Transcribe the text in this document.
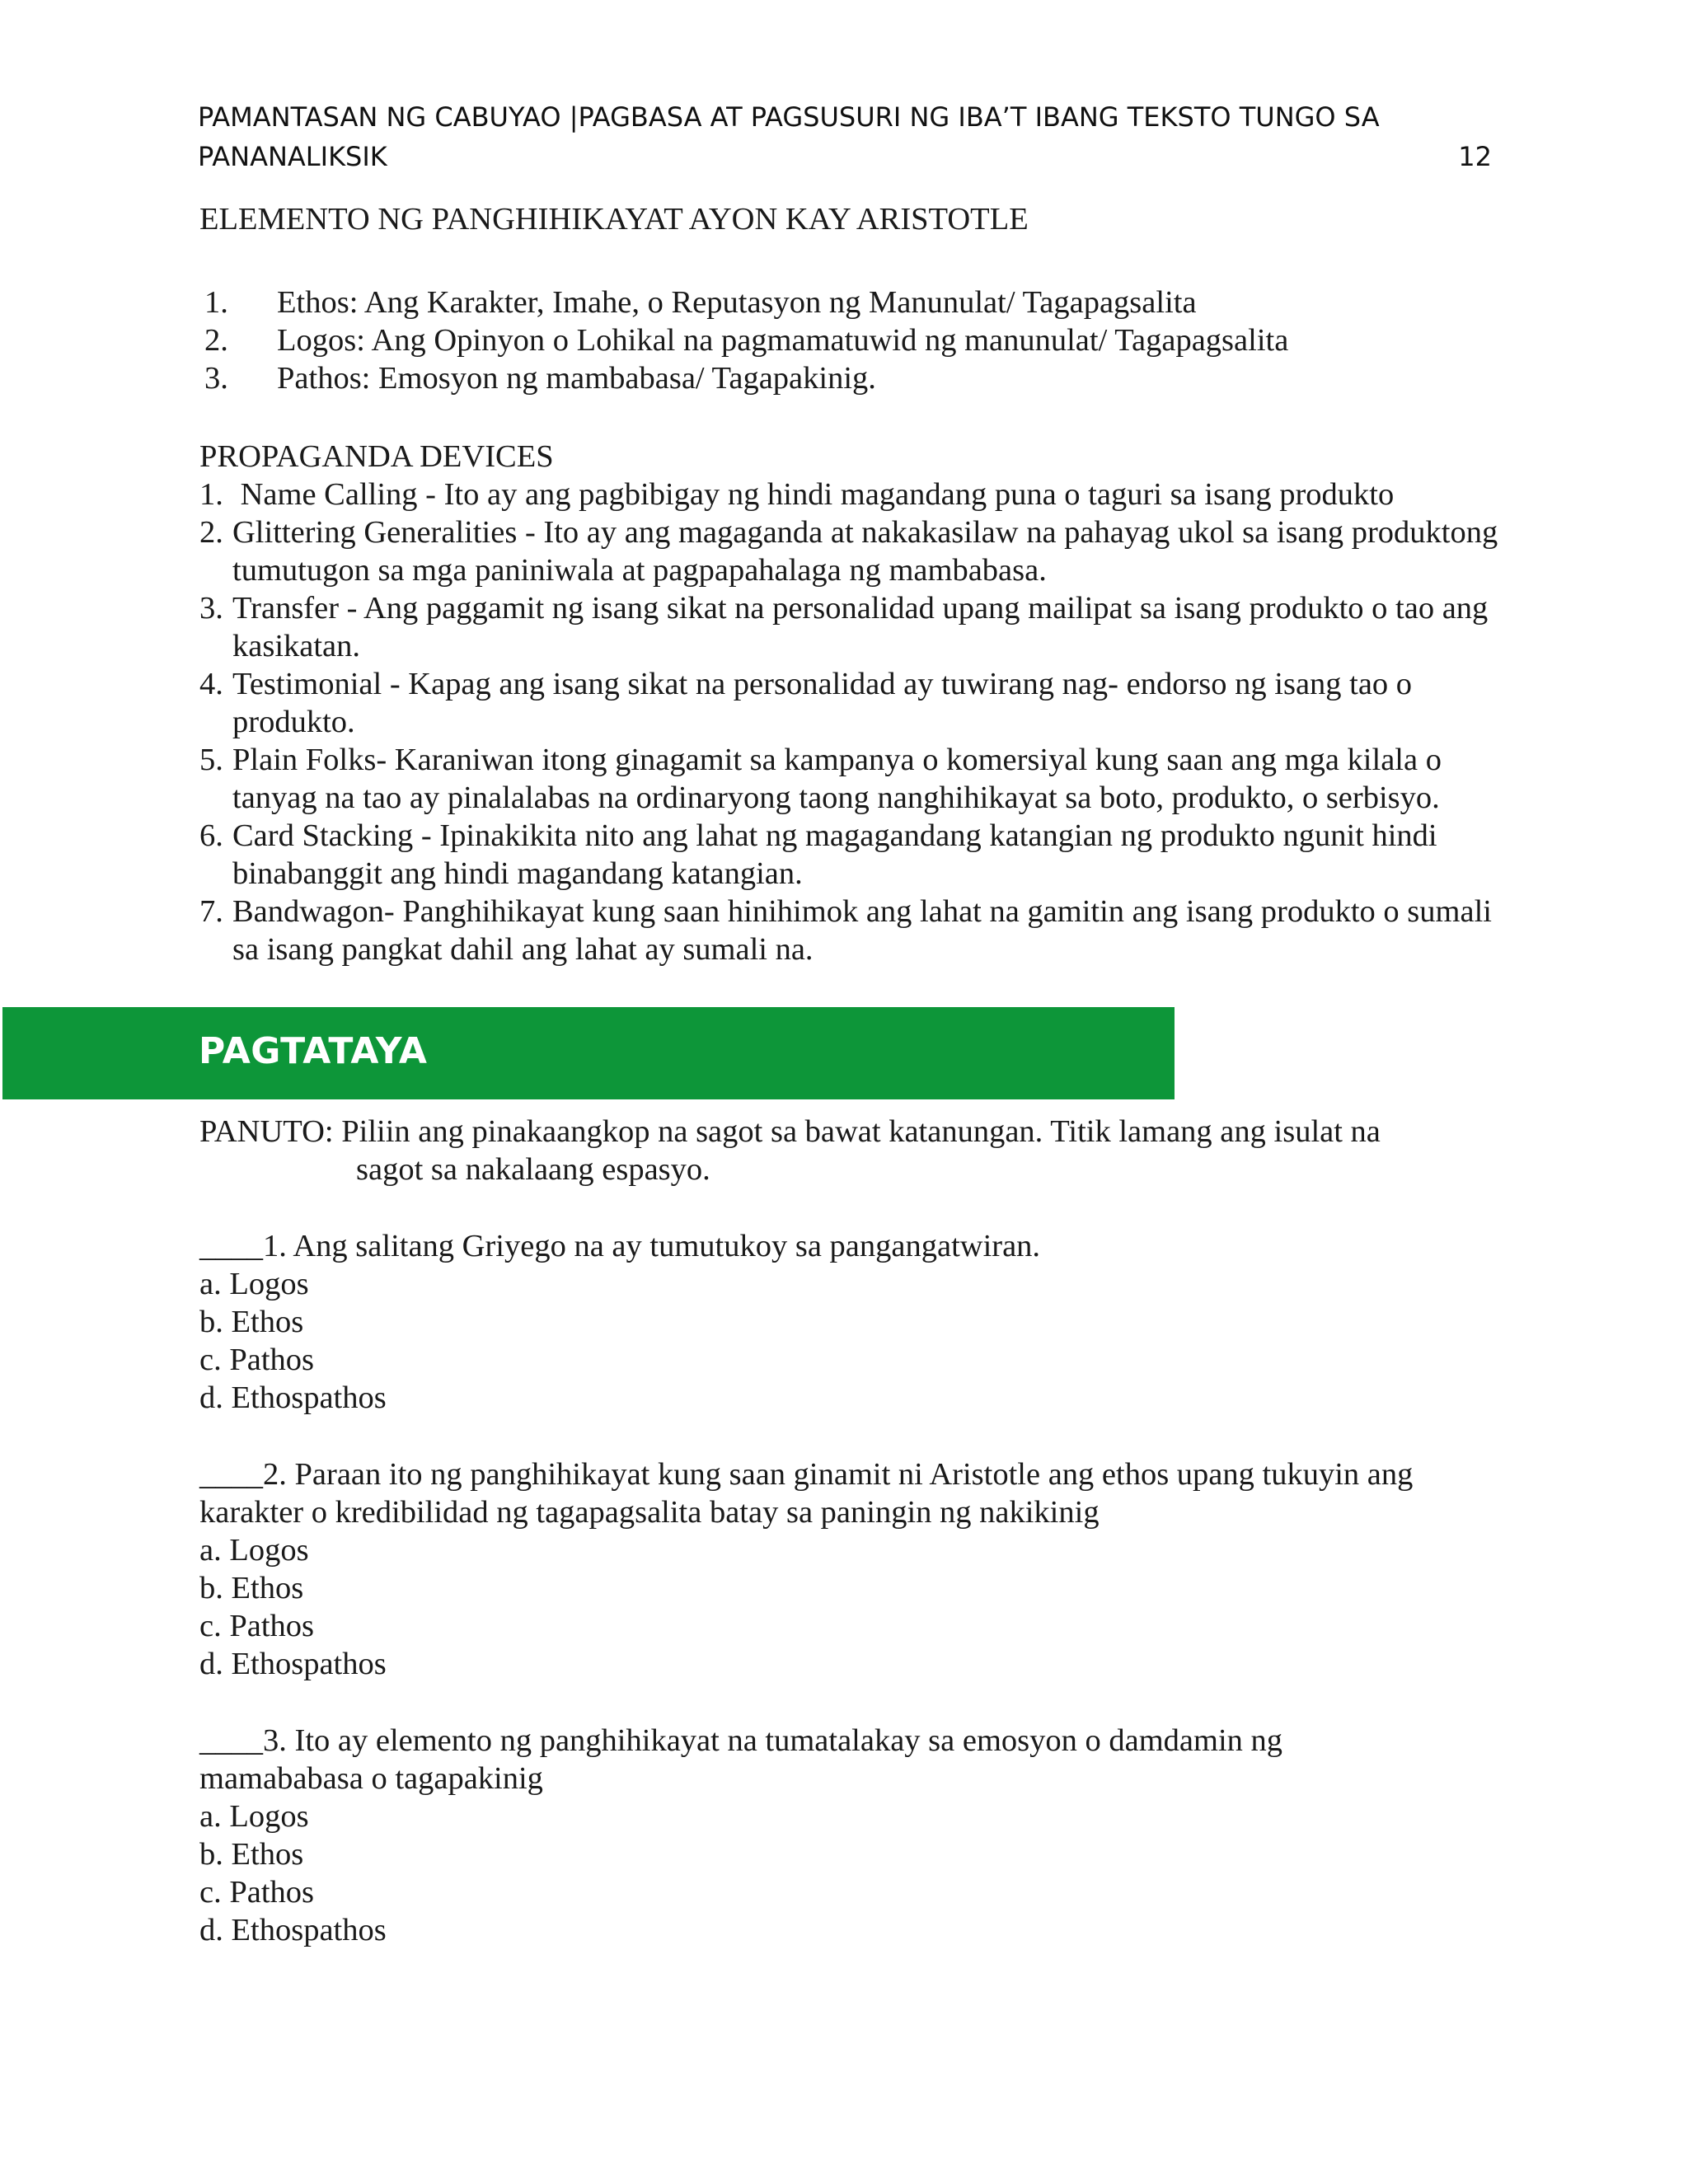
PAMANTASAN NG CABUYAO |PAGBASA AT PAGSUSURI NG IBA’T IBANG TEKSTO TUNGO SA
PANANALIKSIK	12
ELEMENTO NG PANGHIHIKAYAT AYON KAY ARISTOTLE
1.	Ethos: Ang Karakter, Imahe, o Reputasyon ng Manunulat/ Tagapagsalita
2.	Logos: Ang Opinyon o Lohikal na pagmamatuwid ng manunulat/ Tagapagsalita
3.	Pathos: Emosyon ng mambabasa/ Tagapakinig.
PROPAGANDA DEVICES
1. Name Calling - Ito ay ang pagbibigay ng hindi magandang puna o taguri sa isang produkto
2. Glittering Generalities - Ito ay ang magaganda at nakakasilaw na pahayag ukol sa isang produktong tumutugon sa mga paniniwala at pagpapahalaga ng mambabasa.
3. Transfer - Ang paggamit ng isang sikat na personalidad upang mailipat sa isang produkto o tao ang kasikatan.
4. Testimonial - Kapag ang isang sikat na personalidad ay tuwirang nag- endorso ng isang tao o produkto.
5. Plain Folks- Karaniwan itong ginagamit sa kampanya o komersiyal kung saan ang mga kilala o tanyag na tao ay pinalalabas na ordinaryong taong nanghihikayat sa boto, produkto, o serbisyo.
6. Card Stacking - Ipinakikita nito ang lahat ng magagandang katangian ng produkto ngunit hindi binabanggit ang hindi magandang katangian.
7. Bandwagon- Panghihikayat kung saan hinihimok ang lahat na gamitin ang isang produkto o sumali sa isang pangkat dahil ang lahat ay sumali na.
PAGTATAYA
PANUTO: Piliin ang pinakaangkop na sagot sa bawat katanungan. Titik lamang ang isulat na
sagot sa nakalaang espasyo.
____1. Ang salitang Griyego na ay tumutukoy sa pangangatwiran.
a. Logos
b. Ethos
c. Pathos
d. Ethospathos
____2. Paraan ito ng panghihikayat kung saan ginamit ni Aristotle ang ethos upang tukuyin ang
karakter o kredibilidad ng tagapagsalita batay sa paningin ng nakikinig
a. Logos
b. Ethos
c. Pathos
d. Ethospathos
____3. Ito ay elemento ng panghihikayat na tumatalakay sa emosyon o damdamin ng
mamababasa o tagapakinig
a. Logos
b. Ethos
c. Pathos
d. Ethospathos
